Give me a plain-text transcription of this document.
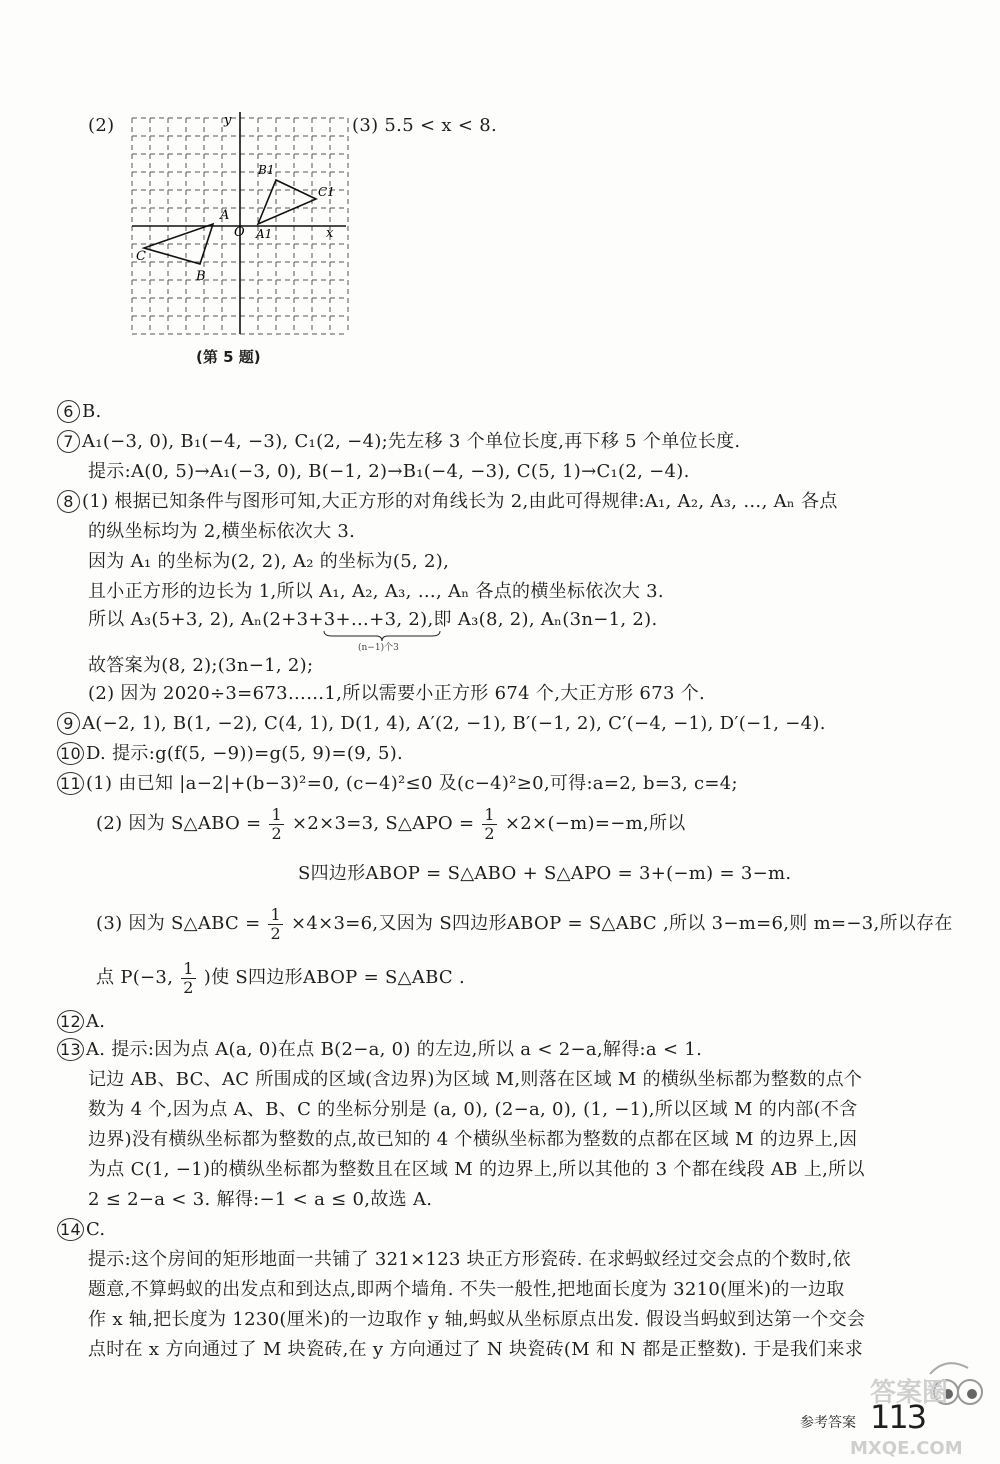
(2)	(3) 5.5 < x < 8.
y
x
O
A
B
C
A1
B1
C1
(第 5 题)
6 B.
7 A₁(−3, 0), B₁(−4, −3), C₁(2, −4);先左移 3 个单位长度,再下移 5 个单位长度.
提示:A(0, 5)→A₁(−3, 0), B(−1, 2)→B₁(−4, −3), C(5, 1)→C₁(2, −4).
8 (1) 根据已知条件与图形可知,大正方形的对角线长为 2,由此可得规律:A₁, A₂, A₃, …, Aₙ 各点
的纵坐标均为 2,横坐标依次大 3.
因为 A₁ 的坐标为(2, 2), A₂ 的坐标为(5, 2),
且小正方形的边长为 1,所以 A₁, A₂, A₃, …, Aₙ 各点的横坐标依次大 3.
所以 A₃(5+3, 2), Aₙ(2+3+3+…+3, 2),即 A₃(8, 2), Aₙ(3n−1, 2).
(n−1)个3
故答案为(8, 2);(3n−1, 2);
(2) 因为 2020÷3=673……1,所以需要小正方形 674 个,大正方形 673 个.
9 A(−2, 1), B(1, −2), C(4, 1), D(1, 4), A′(2, −1), B′(−1, 2), C′(−4, −1), D′(−1, −4).
10 D. 提示:g(f(5, −9))=g(5, 9)=(9, 5).
11 (1) 由已知 |a−2|+(b−3)²=0, (c−4)²≤0 及(c−4)²≥0,可得:a=2, b=3, c=4;
(2) 因为 S△ABO = $\frac{1}{2} \times 2\times 3=3$, S△APO = $\frac{1}{2} \times 2\times(-m)=-m$,所以
S四边形ABOP = S△ABO + S△APO = 3+(−m) = 3−m.
(3) 因为 S△ABC = $\frac{1}{2} \times 4\times 3=6$,又因为 S四边形ABOP = S△ABC ,所以 3−m=6,则 m=−3,所以存在
点 P(−3, $\frac{1}{2}$ )使 S四边形ABOP = S△ABC .
12 A.
13 A. 提示:因为点 A(a, 0)在点 B(2−a, 0) 的左边,所以 a < 2−a,解得:a < 1.
记边 AB、BC、AC 所围成的区域(含边界)为区域 M,则落在区域 M 的横纵坐标都为整数的点个
数为 4 个,因为点 A、B、C 的坐标分别是 (a, 0), (2−a, 0), (1, −1),所以区域 M 的内部(不含
边界)没有横纵坐标都为整数的点,故已知的 4 个横纵坐标都为整数的点都在区域 M 的边界上,因
为点 C(1, −1)的横纵坐标都为整数且在区域 M 的边界上,所以其他的 3 个都在线段 AB 上,所以
2 ≤ 2−a < 3. 解得:−1 < a ≤ 0,故选 A.
14 C.
提示:这个房间的矩形地面一共铺了 321×123 块正方形瓷砖. 在求蚂蚁经过交会点的个数时,依
题意,不算蚂蚁的出发点和到达点,即两个墙角. 不失一般性,把地面长度为 3210(厘米)的一边取
作 x 轴,把长度为 1230(厘米)的一边取作 y 轴,蚂蚁从坐标原点出发. 假设当蚂蚁到达第一个交会
点时在 x 方向通过了 M 块瓷砖,在 y 方向通过了 N 块瓷砖(M 和 N 都是正整数). 于是我们来求
参考答案 113
答案圈
MXQE.COM
